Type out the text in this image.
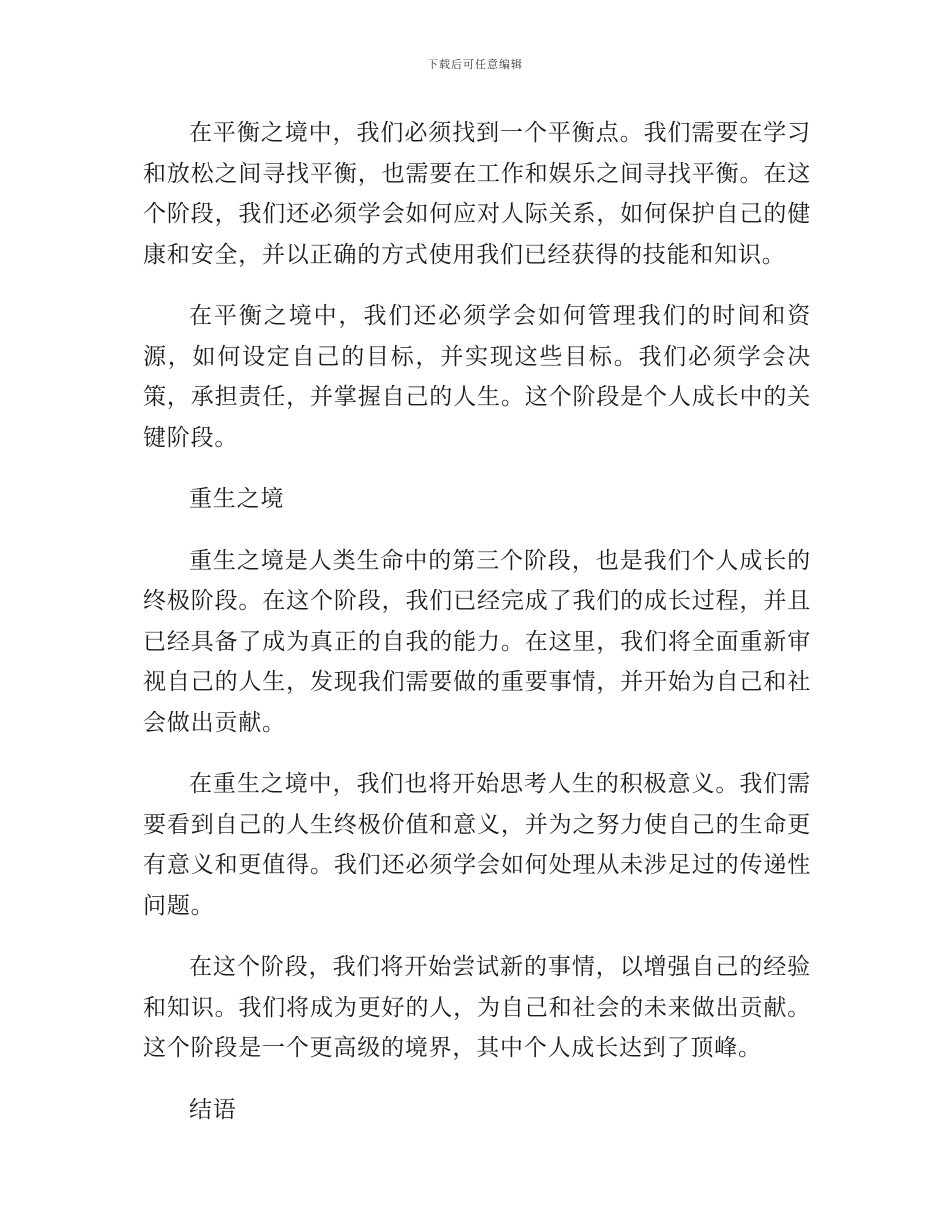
下载后可任意编辑

在平衡之境中，我们必须找到一个平衡点。我们需要在学习和放松之间寻找平衡，也需要在工作和娱乐之间寻找平衡。在这个阶段，我们还必须学会如何应对人际关系，如何保护自己的健康和安全，并以正确的方式使用我们已经获得的技能和知识。

在平衡之境中，我们还必须学会如何管理我们的时间和资源，如何设定自己的目标，并实现这些目标。我们必须学会决策，承担责任，并掌握自己的人生。这个阶段是个人成长中的关键阶段。

重生之境

重生之境是人类生命中的第三个阶段，也是我们个人成长的终极阶段。在这个阶段，我们已经完成了我们的成长过程，并且已经具备了成为真正的自我的能力。在这里，我们将全面重新审视自己的人生，发现我们需要做的重要事情，并开始为自己和社会做出贡献。

在重生之境中，我们也将开始思考人生的积极意义。我们需要看到自己的人生终极价值和意义，并为之努力使自己的生命更有意义和更值得。我们还必须学会如何处理从未涉足过的传递性问题。

在这个阶段，我们将开始尝试新的事情，以增强自己的经验和知识。我们将成为更好的人，为自己和社会的未来做出贡献。这个阶段是一个更高级的境界，其中个人成长达到了顶峰。

结语
